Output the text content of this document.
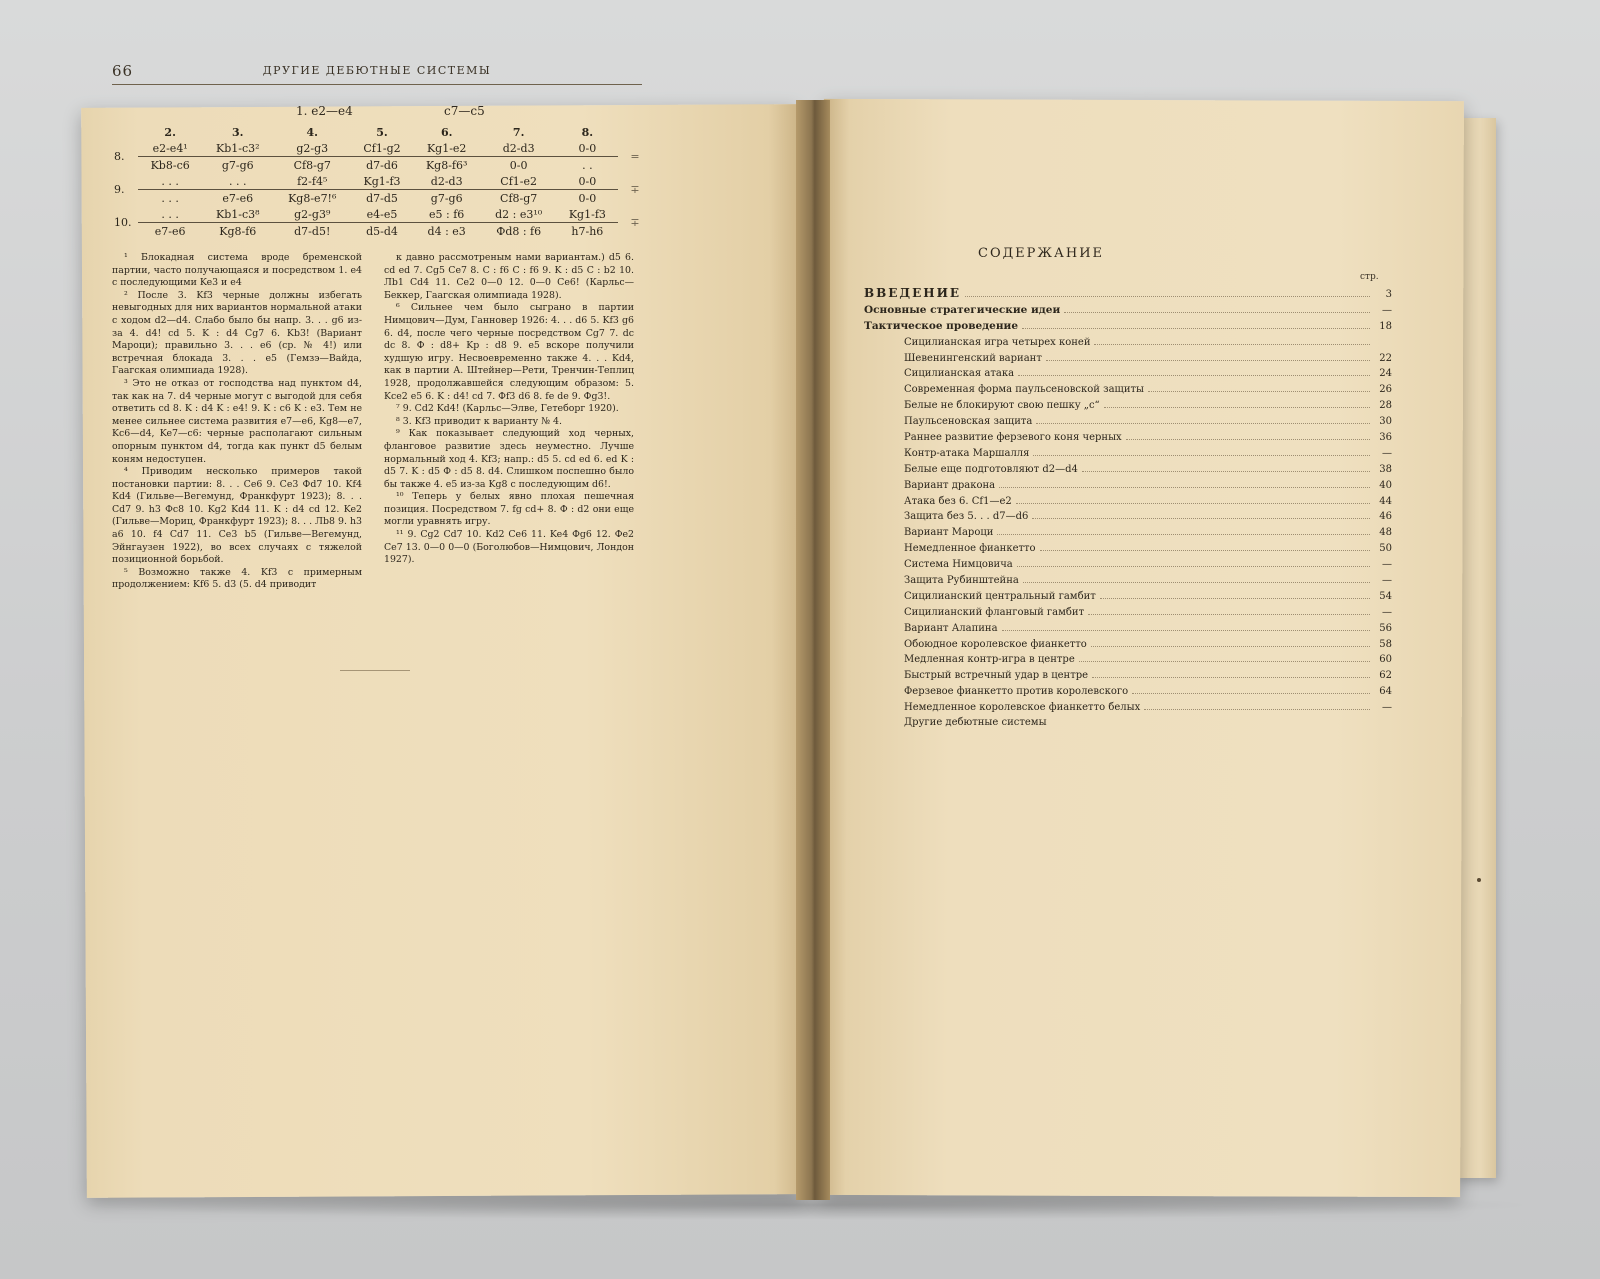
66	ДРУГИЕ ДЕБЮТНЫЕ СИСТЕМЫ
1. e2—e4	c7—c5
	2.	3.	4.	5.	6.	7.	8.	
8.	e2-e4¹	Kb1-c3²	g2-g3	Cf1-g2	Kg1-e2	d2-d3	0-0	=
	Kb8-c6	g7-g6	Cf8-g7	d7-d6	Kg8-f6³	0-0	. .	
9.	. . .	. . .	f2-f4⁵	Kg1-f3	d2-d3	Cf1-e2	0-0	∓
	. . .	e7-e6	Kg8-e7!⁶	d7-d5	g7-g6	Cf8-g7	0-0	
10.	. . .	Kb1-c3⁸	g2-g3⁹	e4-e5	e5 : f6	d2 : e3¹⁰	Kg1-f3	∓
	e7-e6	Kg8-f6	d7-d5!	d5-d4	d4 : e3	Фd8 : f6	h7-h6	

¹ Блокадная система вроде бременской партии, часто получающаяся и посредством 1. e4 с последующими Ke3 и e4

² После 3. Kf3 черные должны избегать невыгодных для них вариантов нормальной атаки с ходом d2—d4. Слабо было бы напр. 3. . . g6 из-за 4. d4! cd 5. K : d4 Cg7 6. Kb3! (Вариант Мароци); правильно 3. . . e6 (ср. № 4!) или встречная блокада 3. . . e5 (Гемзэ—Вайда, Гаагская олимпиада 1928).

³ Это не отказ от господства над пунктом d4, так как на 7. d4 черные могут с выгодой для себя ответить cd 8. K : d4 K : e4! 9. K : c6 K : e3. Тем не менее сильнее система развития e7—e6, Kg8—e7, Kc6—d4, Ke7—c6: черные располагают сильным опорным пунктом d4, тогда как пункт d5 белым коням недоступен.

⁴ Приводим несколько примеров такой постановки партии: 8. . . Ce6 9. Ce3 Фd7 10. Kf4 Kd4 (Гильве—Вегемунд, Франкфурт 1923); 8. . . Cd7 9. h3 Фc8 10. Kg2 Kd4 11. K : d4 cd 12. Ke2 (Гильве—Мориц, Франкфурт 1923); 8. . . Лb8 9. h3 a6 10. f4 Cd7 11. Ce3 b5 (Гильве—Вегемунд, Эйнгаузен 1922), во всех случаях с тяжелой позиционной борьбой.

⁵ Возможно также 4. Kf3 с примерным продолжением: Kf6 5. d3 (5. d4 приводит

к давно рассмотреным нами вариантам.) d5 6. cd ed 7. Cg5 Ce7 8. C : f6 C : f6 9. K : d5 C : b2 10. Лb1 Cd4 11. Ce2 0—0 12. 0—0 Ce6! (Карльс—Беккер, Гаагская олимпиада 1928).

⁶ Сильнее чем было сыграно в партии Нимцович—Дум, Ганновер 1926: 4. . . d6 5. Kf3 g6 6. d4, после чего черные посредством Cg7 7. dc dc 8. Ф : d8+ Kp : d8 9. e5 вскоре получили худшую игру. Несвоевременно также 4. . . Kd4, как в партии А. Штейнер—Рети, Тренчин-Теплиц 1928, продолжавшейся следующим образом: 5. Kce2 e5 6. K : d4! cd 7. Фf3 d6 8. fe de 9. Фg3!.

⁷ 9. Cd2 Kd4! (Карльс—Элве, Гетеборг 1920).

⁸ 3. Kf3 приводит к варианту № 4.

⁹ Как показывает следующий ход черных, фланговое развитие здесь неуместно. Лучше нормальный ход 4. Kf3; напр.: d5 5. cd ed 6. ed K : d5 7. K : d5 Ф : d5 8. d4. Слишком поспешно было бы также 4. e5 из-за Kg8 с последующим d6!.

¹⁰ Теперь у белых явно плохая пешечная позиция. Посредством 7. fg cd+ 8. Ф : d2 они еще могли уравнять игру.

¹¹ 9. Cg2 Cd7 10. Kd2 Ce6 11. Ke4 Фg6 12. Фe2 Ce7 13. 0—0 0—0 (Боголюбов—Нимцович, Лондон 1927).

СОДЕРЖАНИЕ
стр.
ВВЕДЕНИЕ	3
Основные стратегические идеи	—
Тактическое проведение	18
Сицилианская игра четырех коней
Шевенингенский вариант	22
Сицилианская атака	24
Современная форма паульсеновской защиты	26
Белые не блокируют свою пешку „c“	28
Паульсеновская защита	30
Раннее развитие ферзевого коня черных	36
Контр-атака Маршалля	—
Белые еще подготовляют d2—d4	38
Вариант дракона	40
Атака без 6. Cf1—e2	44
Защита без 5. . . d7—d6	46
Вариант Мароци	48
Немедленное фианкетто	50
Система Нимцовича	—
Защита Рубинштейна	—
Сицилианский центральный гамбит	54
Сицилианский фланговый гамбит	—
Вариант Алапина	56
Обоюдное королевское фианкетто	58
Медленная контр-игра в центре	60
Быстрый встречный удар в центре	62
Ферзевое фианкетто против королевского	64
Немедленное королевское фианкетто белых	—
Другие дебютные системы
